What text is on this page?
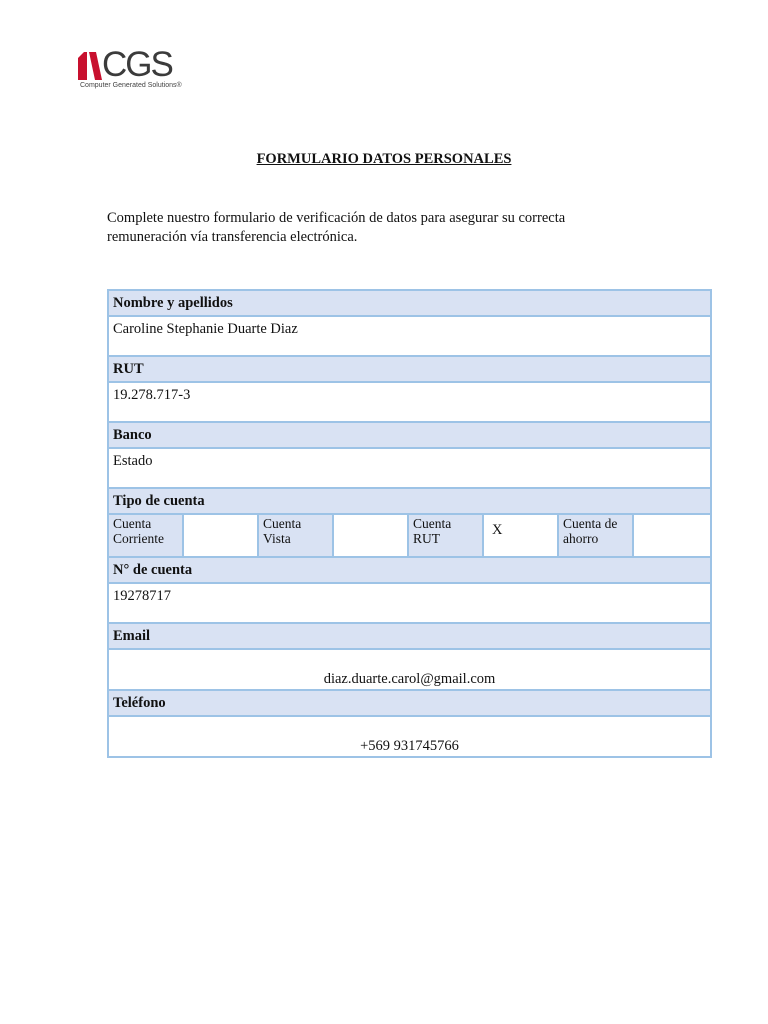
CGS
Computer Generated Solutions®
FORMULARIO DATOS PERSONALES

Complete nuestro formulario de verificación de datos para asegurar su correcta remuneración vía transferencia electrónica.

Nombre y apellidos
Caroline Stephanie Duarte Diaz
RUT
19.278.717-3
Banco
Estado
Tipo de cuenta
Cuenta Corriente		Cuenta Vista		Cuenta RUT	X	Cuenta de ahorro	
N° de cuenta
19278717
Email
diaz.duarte.carol@gmail.com
Teléfono
+569 931745766
